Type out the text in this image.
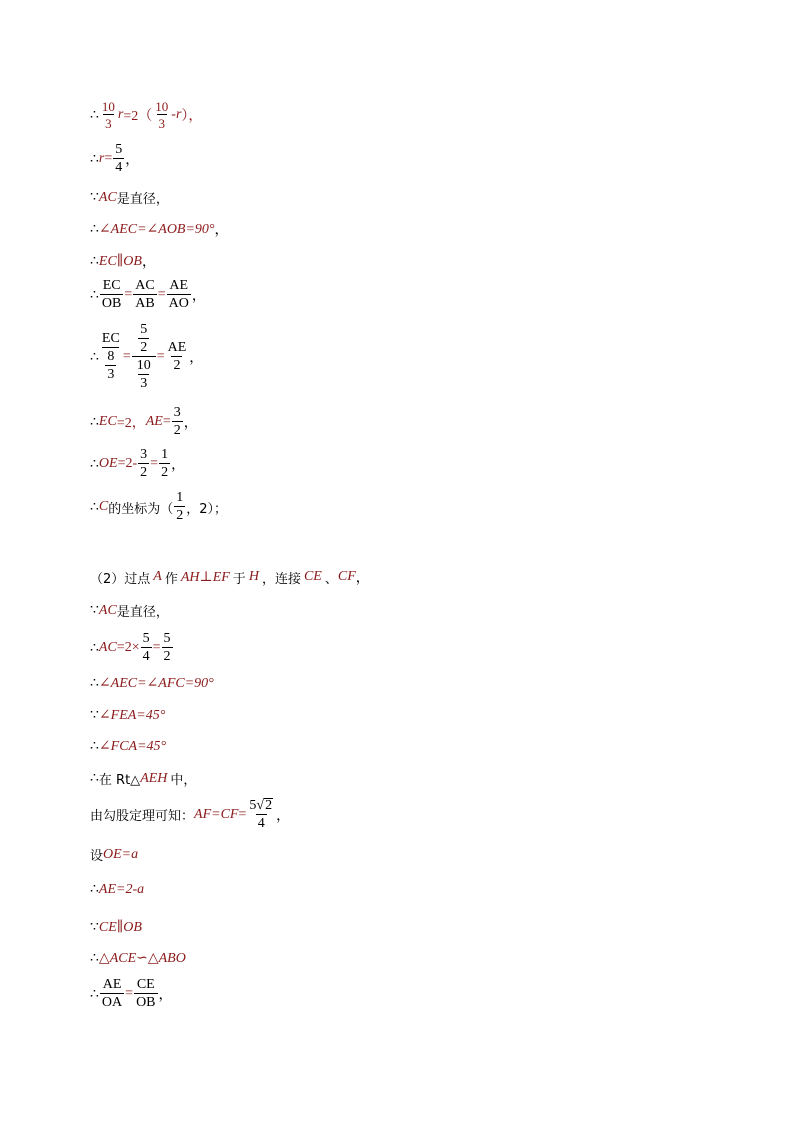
∴ $\frac{10}{3}$ $r =2( \frac{10}{3} -r$ ），
∴ $r = \frac{5}{4}$ ，
∵ AC 是直径，
∴ ∠AEC=∠AOB=90° ，
∴ EC∥OB ，
∴ $\frac{EC}{OB} = \frac{AC}{AB} = \frac{AE}{AO}$ ，
∴ $\frac{EC}{\frac{8}{3}} = \frac{\frac{5}{2}}{\frac{10}{3}} = \frac{AE}{2}$ ，
∴ EC =2， AE = $\frac{3}{2}$ ，
∴ OE $=2- \frac{3}{2} = \frac{1}{2}$ ，
∴ C 的坐标为（ $\frac{1}{2}$ ，2）；
（2）过点 A 作 AH⊥EF 于 H ，连接 CE 、 CF ，
∵ AC 是直径，
∴ AC $=2\times \frac{5}{4} = \frac{5}{2}$
∴ ∠AEC=∠AFC=90°
∵ ∠FEA=45°
∴ ∠FCA=45°
∴ 在 Rt△ AEH 中，
由勾股定理可知： $AF=CF = \frac{5 √ 2}{4}$ ，
设 OE=a
∴ AE=2-a
∵ CE∥OB
∴ △ACE∽△ABO
∴ $\frac{AE}{OA} = \frac{CE}{OB}$ ，
